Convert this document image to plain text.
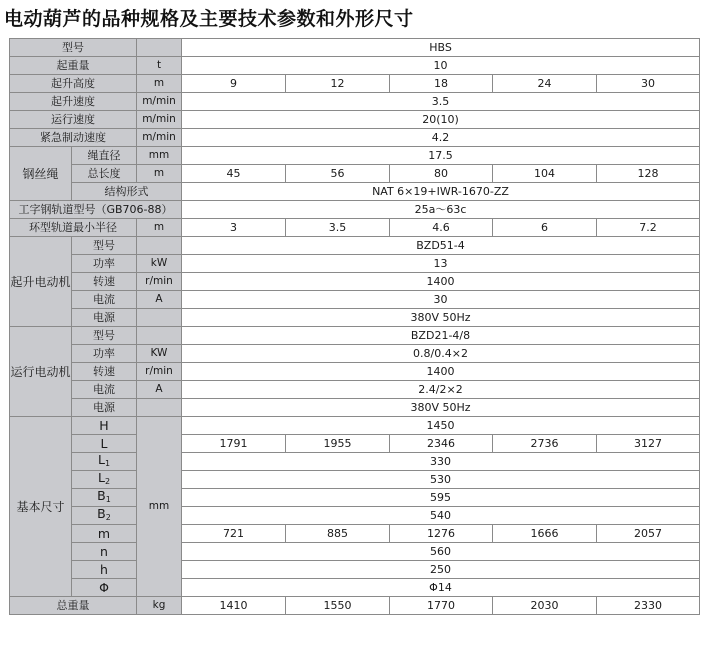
电动葫芦的品种规格及主要技术参数和外形尺寸
型号			HBS				
起重量		t	10				
起升高度		m	9	12	18	24	30
起升速度		m/min	3.5				
运行速度		m/min	20(10)				
紧急制动速度		m/min	4.2				
钢丝绳	绳直径	mm	17.5				
	总长度	m	45	56	80	104	128
	结构形式		NAT 6×19+IWR-1670-ZZ				
工字钢轨道型号（GB706-88）			25a～63c				
环型轨道最小半径		m	3	3.5	4.6	6	7.2
起升电动机	型号		BZD51-4				
	功率	kW	13				
	转速	r/min	1400				
	电流	A	30				
	电源		380V 50Hz				
运行电动机	型号		BZD21-4/8				
	功率	KW	0.8/0.4×2				
	转速	r/min	1400				
	电流	A	2.4/2×2				
	电源		380V 50Hz				
基本尺寸	H	mm	1450				
	L		1791	1955	2346	2736	3127
	$L_1$		330				
	$L_2$		530				
	$B_1$		595				
	$B_2$		540				
	m		721	885	1276	1666	2057
	n		560				
	h		250				
	Φ		Φ14				
总重量		kg	1410	1550	1770	2030	2330
